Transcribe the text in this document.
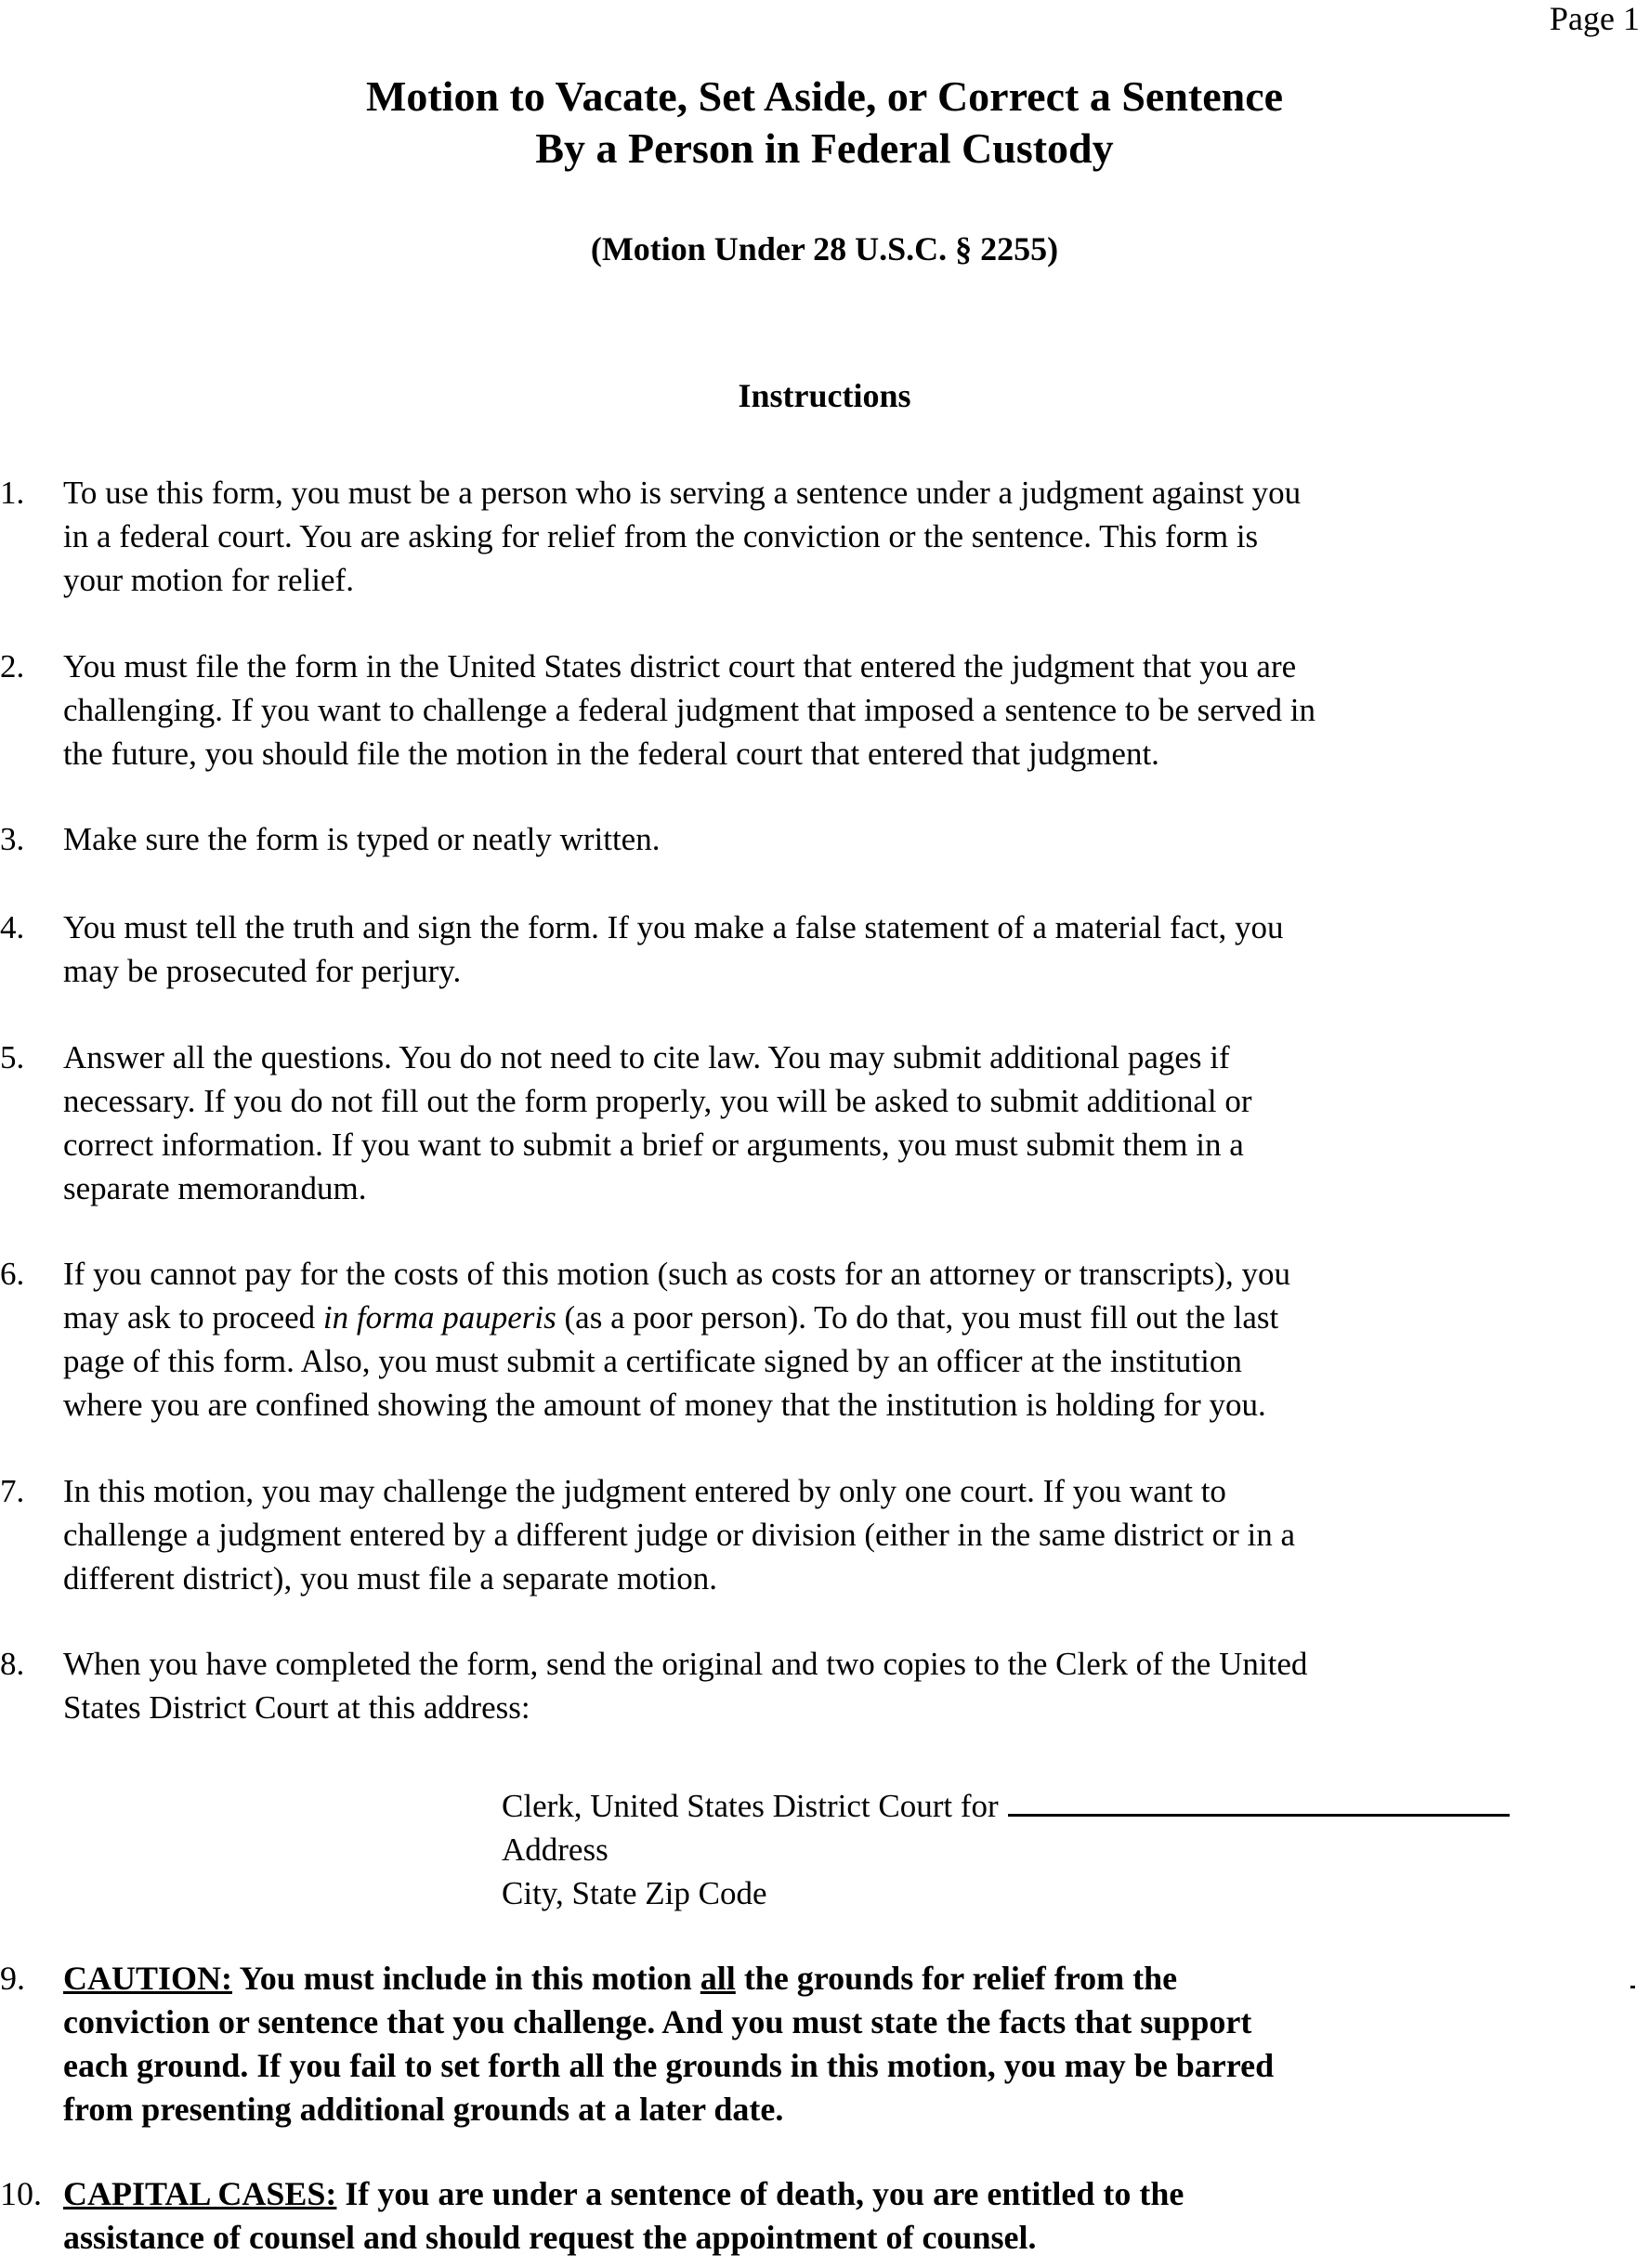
Page 1
Motion to Vacate, Set Aside, or Correct a Sentence
By a Person in Federal Custody
(Motion Under 28 U.S.C. § 2255)
Instructions
1.	To use this form, you must be a person who is serving a sentence under a judgment against you
in a federal court. You are asking for relief from the conviction or the sentence. This form is
your motion for relief.
2.	You must file the form in the United States district court that entered the judgment that you are
challenging. If you want to challenge a federal judgment that imposed a sentence to be served in
the future, you should file the motion in the federal court that entered that judgment.
3.	Make sure the form is typed or neatly written.
4.	You must tell the truth and sign the form. If you make a false statement of a material fact, you
may be prosecuted for perjury.
5.	Answer all the questions. You do not need to cite law. You may submit additional pages if
necessary. If you do not fill out the form properly, you will be asked to submit additional or
correct information. If you want to submit a brief or arguments, you must submit them in a
separate memorandum.
6.	If you cannot pay for the costs of this motion (such as costs for an attorney or transcripts), you
may ask to proceed in forma pauperis (as a poor person). To do that, you must fill out the last
page of this form. Also, you must submit a certificate signed by an officer at the institution
where you are confined showing the amount of money that the institution is holding for you.
7.	In this motion, you may challenge the judgment entered by only one court. If you want to
challenge a judgment entered by a different judge or division (either in the same district or in a
different district), you must file a separate motion.
8.	When you have completed the form, send the original and two copies to the Clerk of the United
States District Court at this address:
Clerk, United States District Court for
Address
City, State Zip Code
9.	CAUTION: You must include in this motion all the grounds for relief from the
conviction or sentence that you challenge. And you must state the facts that support
each ground. If you fail to set forth all the grounds in this motion, you may be barred
from presenting additional grounds at a later date.
10. CAPITAL CASES: If you are under a sentence of death, you are entitled to the
assistance of counsel and should request the appointment of counsel.
